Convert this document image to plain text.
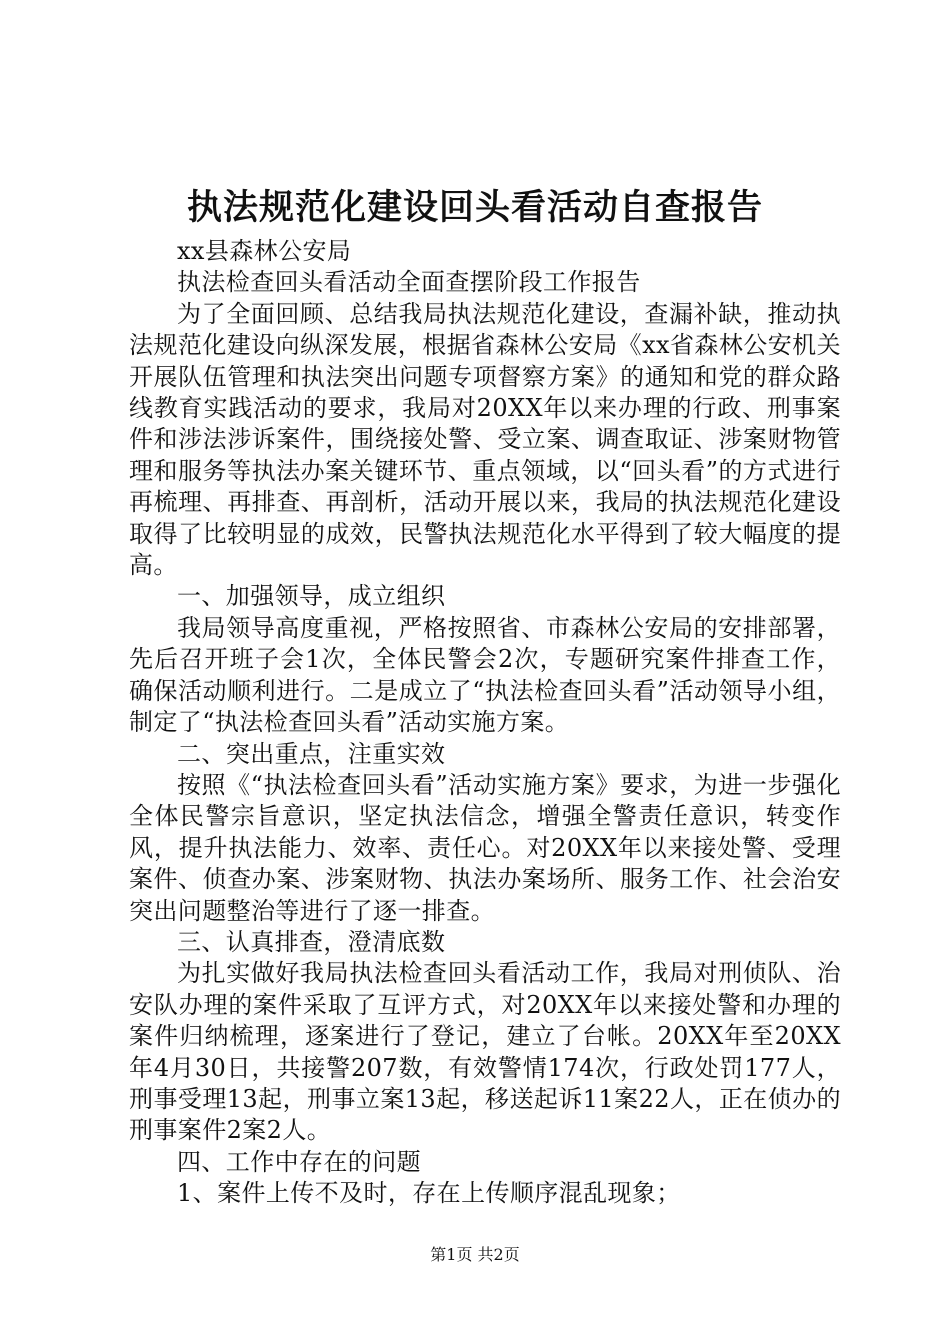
执法规范化建设回头看活动自查报告

xx县森林公安局

执法检查回头看活动全面查摆阶段工作报告

为了全面回顾、总结我局执法规范化建设，查漏补缺，推动执法规范化建设向纵深发展，根据省森林公安局《xx省森林公安机关开展队伍管理和执法突出问题专项督察方案》的通知和党的群众路线教育实践活动的要求，我局对20XX年以来办理的行政、刑事案件和涉法涉诉案件，围绕接处警、受立案、调查取证、涉案财物管理和服务等执法办案关键环节、重点领域，以“回头看”的方式进行再梳理、再排查、再剖析，活动开展以来，我局的执法规范化建设取得了比较明显的成效，民警执法规范化水平得到了较大幅度的提高。

一、加强领导，成立组织

我局领导高度重视，严格按照省、市森林公安局的安排部署，先后召开班子会1次，全体民警会2次，专题研究案件排查工作，确保活动顺利进行。二是成立了“执法检查回头看”活动领导小组，制定了“执法检查回头看”活动实施方案。

二、突出重点，注重实效

按照《“执法检查回头看”活动实施方案》要求，为进一步强化全体民警宗旨意识，坚定执法信念，增强全警责任意识，转变作风，提升执法能力、效率、责任心。对20XX年以来接处警、受理案件、侦查办案、涉案财物、执法办案场所、服务工作、社会治安突出问题整治等进行了逐一排查。

三、认真排查，澄清底数

为扎实做好我局执法检查回头看活动工作，我局对刑侦队、治安队办理的案件采取了互评方式，对20XX年以来接处警和办理的案件归纳梳理，逐案进行了登记，建立了台帐。20XX年至20XX年4月30日，共接警207数，有效警情174次，行政处罚177人，刑事受理13起，刑事立案13起，移送起诉11案22人，正在侦办的刑事案件2案2人。

四、工作中存在的问题

1、案件上传不及时，存在上传顺序混乱现象；

第1页 共2页
